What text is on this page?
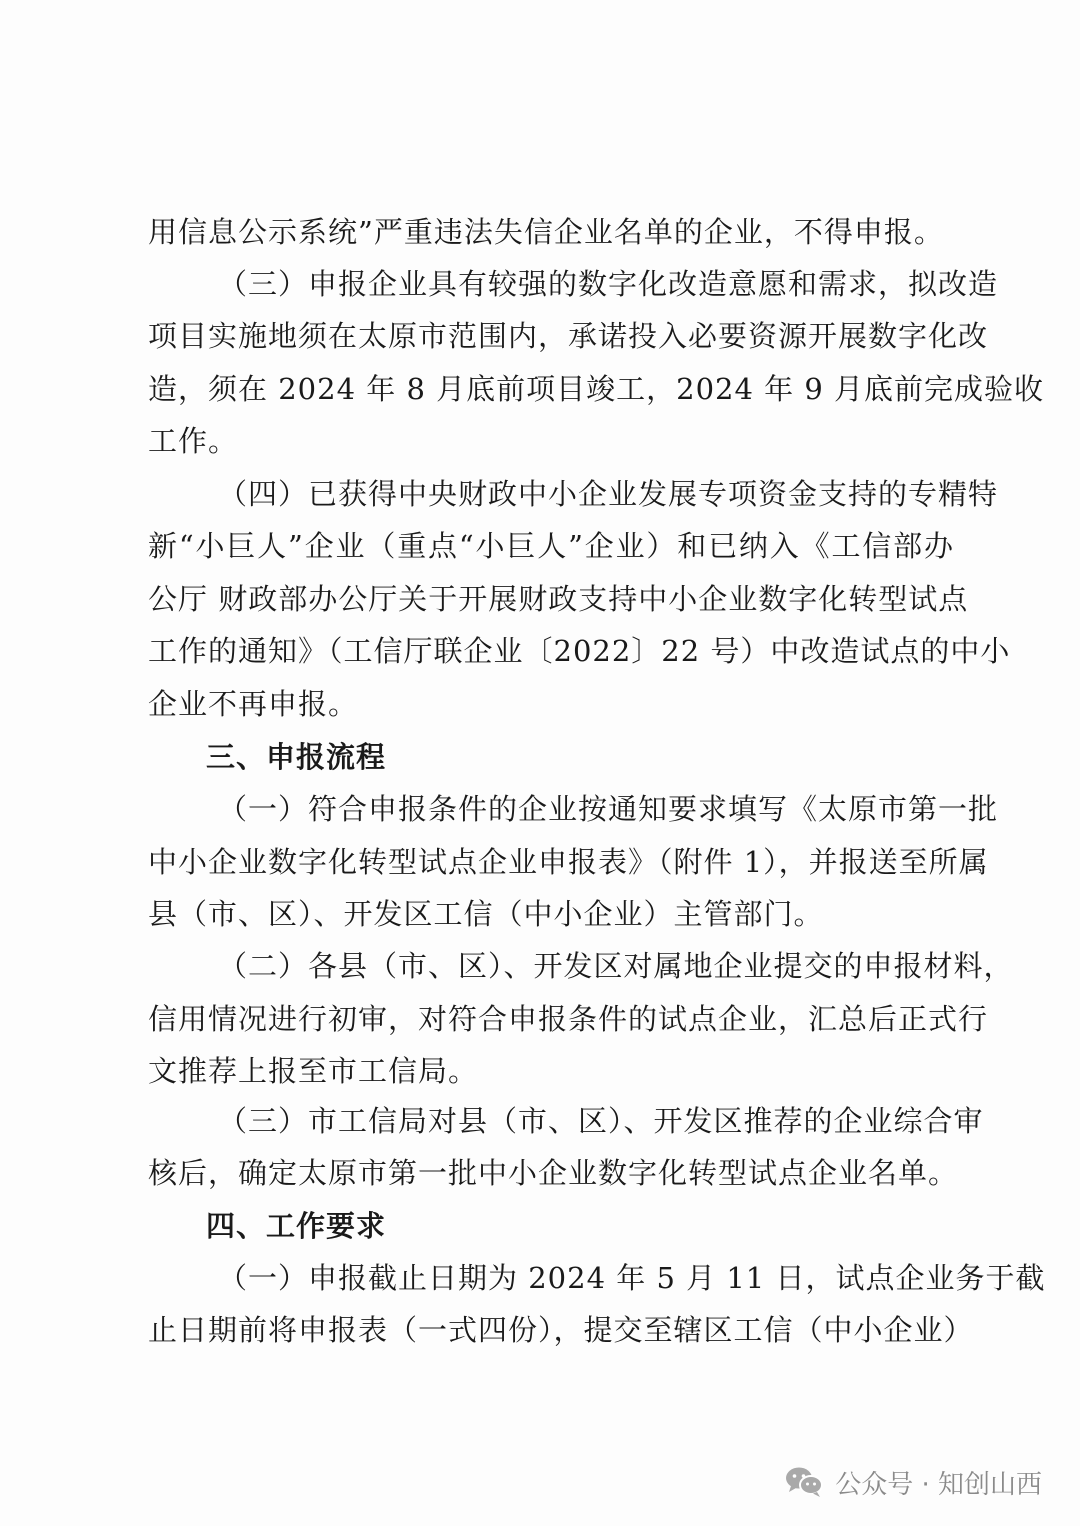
用信息公示系统”严重违法失信企业名单的企业，不得申报。
（三）申报企业具有较强的数字化改造意愿和需求，拟改造
项目实施地须在太原市范围内，承诺投入必要资源开展数字化改
造，须在 2024 年 8 月底前项目竣工，2024 年 9 月底前完成验收
工作。
（四）已获得中央财政中小企业发展专项资金支持的专精特
新“小巨人”企业（重点“小巨人”企业）和已纳入《工信部办
公厅 财政部办公厅关于开展财政支持中小企业数字化转型试点
工作的通知》（工信厅联企业〔2022〕22 号）中改造试点的中小
企业不再申报。
三、申报流程
（一）符合申报条件的企业按通知要求填写《太原市第一批
中小企业数字化转型试点企业申报表》（附件 1），并报送至所属
县（市、区）、开发区工信（中小企业）主管部门。
（二）各县（市、区）、开发区对属地企业提交的申报材料，
信用情况进行初审，对符合申报条件的试点企业，汇总后正式行
文推荐上报至市工信局。
（三）市工信局对县（市、区）、开发区推荐的企业综合审
核后，确定太原市第一批中小企业数字化转型试点企业名单。
四、工作要求
（一）申报截止日期为 2024 年 5 月 11 日，试点企业务于截
止日期前将申报表（一式四份），提交至辖区工信（中小企业）
公众号 · 知创山西
